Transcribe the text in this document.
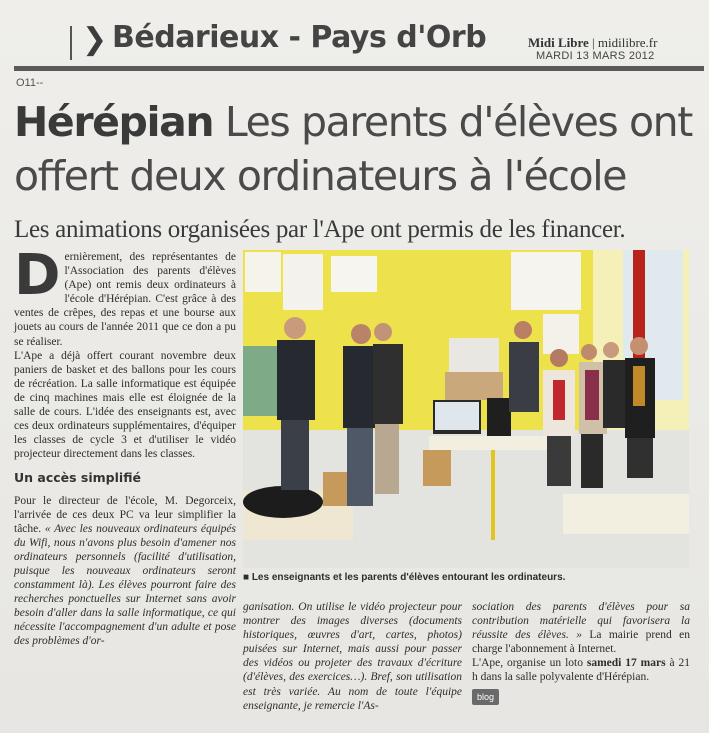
❯ Bédarieux - Pays d'Orb	Midi Libre | midilibre.fr
MARDI 13 MARS 2012
O11--
Hérépian Les parents d'élèves ont
offert deux ordinateurs à l'école
Les animations organisées par l'Ape ont permis de les financer.

Dernièrement, des représentantes de l'Association des parents d'élèves (Ape) ont remis deux ordinateurs à l'école d'Hérépian. C'est grâce à des ventes de crêpes, des repas et une bourse aux jouets au cours de l'année 2011 que ce don a pu se réaliser.

L'Ape a déjà offert courant novembre deux paniers de basket et des ballons pour les cours de récréation. La salle informatique est équipée de cinq machines mais elle est éloignée de la salle de cours. L'idée des enseignants est, avec ces deux ordinateurs supplémentaires, d'équiper les classes de cycle 3 et d'utiliser le vidéo projecteur directement dans les classes.

Un accès simplifié

Pour le directeur de l'école, M. Degorceix, l'arrivée de ces deux PC va leur simplifier la tâche. « Avec les nouveaux ordinateurs équipés du Wifi, nous n'avons plus besoin d'amener nos ordinateurs personnels (facilité d'utilisation, puisque les nouveaux ordinateurs seront constamment là). Les élèves pourront faire des recherches ponctuelles sur Internet sans avoir besoin d'aller dans la salle informatique, ce qui nécessite l'accompagnement d'un adulte et pose des problèmes d'or-

■ Les enseignants et les parents d'élèves entourant les ordinateurs.
ganisation. On utilise le vidéo projecteur pour montrer des images diverses (documents historiques, œuvres d'art, cartes, photos) puisées sur Internet, mais aussi pour passer des vidéos ou projeter des travaux d'écriture (d'élèves, des exercices…). Bref, son utilisation est très variée. Au nom de toute l'équipe enseignante, je remercie l'As-

sociation des parents d'élèves pour sa contribution matérielle qui favorisera la réussite des élèves. » La mairie prend en charge l'abonnement à Internet.

L'Ape, organise un loto samedi 17 mars à 21 h dans la salle polyvalente d'Hérépian.

blog
